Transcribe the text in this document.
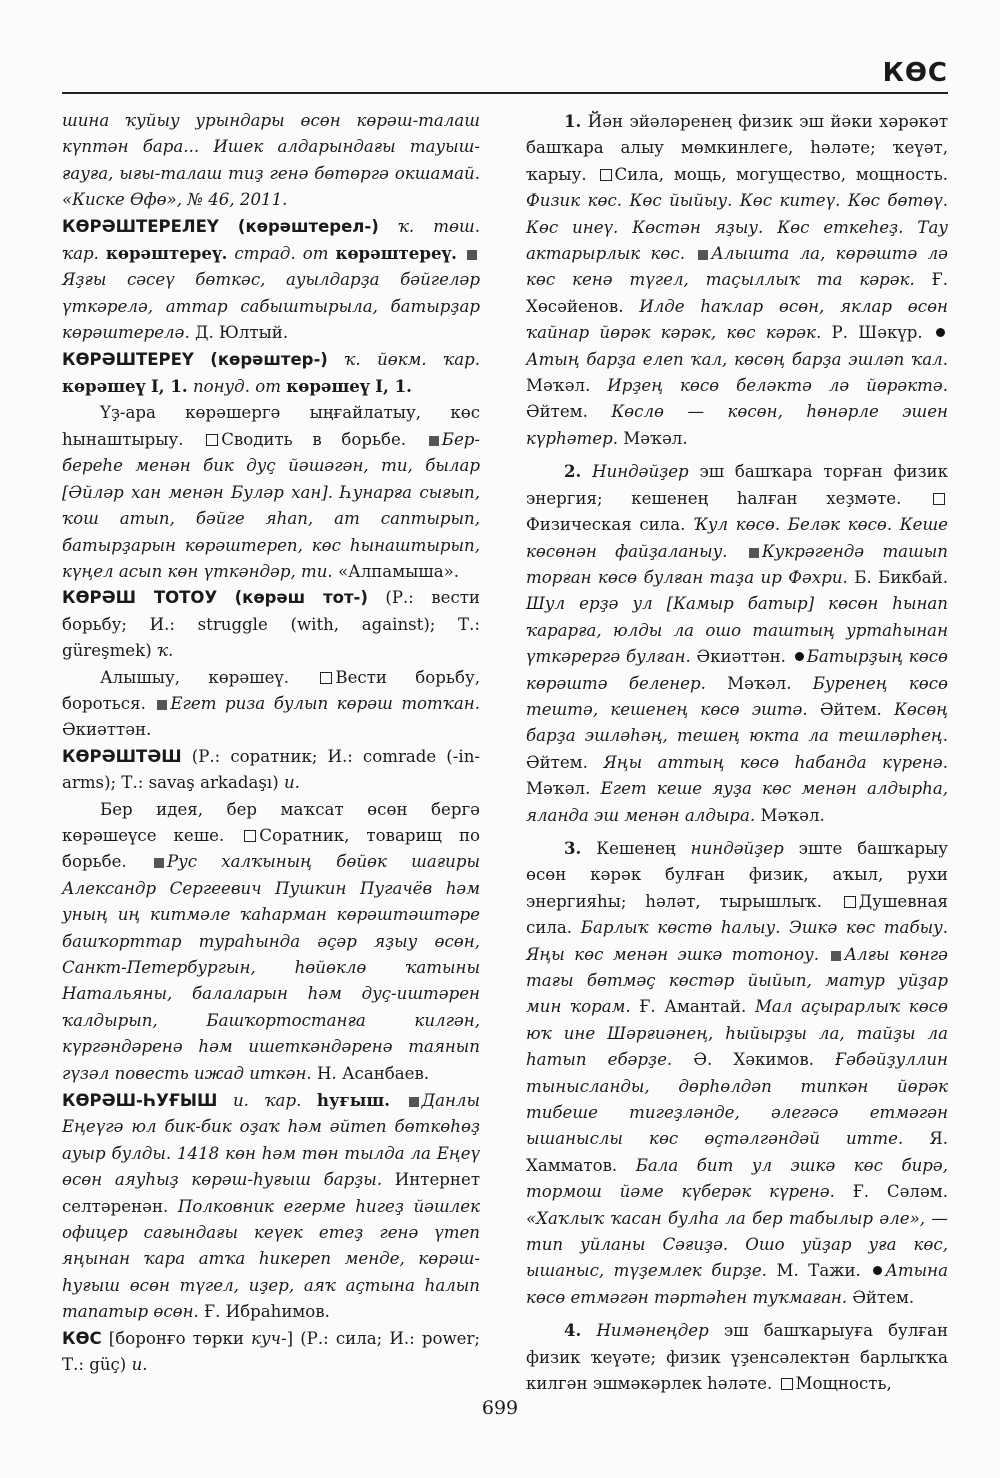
КӨС

шина ҡуйыу урындары өсөн көрәш-талаш күптән бара... Ишек алдарындағы тауыш-ғауға, ығы-талаш тиҙ генә бөтөргә окшамай. «Киске Өфө», № 46, 2011.

КӨРӘШТЕРЕЛЕҮ (көрәштерел-) ҡ. төш. ҡар. көрәштереү. страд. от көрәштереү. Яҙғы сәсеү бөткәс, ауылдарҙа бәйгеләр үткәрелә, аттар сабыштырыла, батырҙар көрәштерелә. Д. Юлтый.

КӨРӘШТЕРЕҮ (көрәштер-) ҡ. йөкм. ҡар. көрәшеү I, 1. понуд. от көрәшеү I, 1.

Үҙ-ара көрәшергә ыңғайлатыу, көс һынаштырыу. Сводить в борьбе. Бер-береһе менән бик дуҫ йәшәгән, ти, былар [Әйләр хан менән Буләр хан]. Һунарға сығып, ҡош атып, бәйге яһап, ат саптырып, батырҙарын көрәштереп, көс һынаштырып, күңел асып көн үткәндәр, ти. «Алпамыша».

КӨРӘШ ТОТОУ (көрәш тот-) (Р.: вести борьбу; И.: struggle (with, against); Т.: güreşmek) ҡ.

Алышыу, көрәшеү.	Вести борьбу, бороться. Егет риза булып көрәш тотҡан. Әкиәттән.

КӨРӘШТӘШ (Р.: соратник; И.: comrade (-in-arms); Т.: savaş arkadaşı) и.

Бер идея, бер маҡсат өсөн бергә көрәшеүсе кеше. Соратник, товарищ по борьбе. Рус халҡының бөйөк шағиры Александр Сергеевич Пушкин Пугачёв һәм уның иң китмәле ҡаһарман көрәштәштәре башҡорттар тураһында әҫәр яҙыу өсөн, Санкт-Петербургын, һөйөклө ҡатыны Натальяны, балаларын һәм дуҫ-иштәрен ҡалдырып, Башҡортостанға килгән, күргәндәренә һәм ишеткәндәренә таянып гүзәл повесть ижад иткән. Н. Асанбаев.

КӨРӘШ-ҺУҒЫШ и. ҡар. һуғыш. Данлы Еңеүгә юл бик-бик оҙаҡ һәм әйтеп бөткөһөҙ ауыр булды. 1418 көн һәм төн тылда ла Еңеү өсөн аяуһыҙ көрәш-һуғыш барҙы. Интернет селтәренән. Полковник егерме һигеҙ йәшлек офицер сағындағы кеүек етеҙ генә үтеп яңынан ҡара атҡа һикереп менде, көрәш-һуғыш өсөн түгел, иҙер, аяҡ аҫтына һалып тапатыр өсөн. Ғ. Ибраһимов.

КӨС [боронғо төрки куч-] (Р.: сила; И.: power; Т.: güç) и.

1. Йән эйәләренең физик эш йәки хәрәкәт башҡара алыу мөмкинлеге, һәләте; ҡеүәт, ҡарыу. Сила, мощь, могущество, мощность. Физик көс. Көс йыйыу. Көс китеү. Көс бөтөү. Көс инеү. Көстән яҙыу. Көс еткеһеҙ. Тау актарырлык көс. Алышта ла, көрәштә лә көс кенә түгел, таҫыллыҡ та кәрәк. Ғ. Хөсәйенов. Илде һаҡлар өсөн, яклар өсөн ҡайнар йөрәк кәрәк, көс кәрәк. Р. Шәкүр. Атың барҙа елеп ҡал, көсөң барҙа эшләп ҡал. Мәҡәл. Ирҙең көсө беләктә лә йөрәктә. Әйтем. Көслө — көсөн, һөнәрле эшен күрһәтер. Мәҡәл.

2. Ниндәйҙер эш башҡара торған физик энергия; кешенең һалған хеҙмәте. Физическая сила. Ҡул көсө. Беләк көсө. Кеше көсөнән файҙаланыу. Кукрәгендә ташып торған көсө булған таҙа ир Фәхри. Б. Бикбай. Шул ерҙә ул [Камыр батыр] көсөн һынап ҡарарға, юлды ла ошо таштың уртаһынан үткәрергә булған. Әкиәттән. Батырҙың көсө көрәштә беленер. Мәҡәл. Буренең көсө тештә, кешенең көсө эштә. Әйтем. Көсөң барҙа эшләһәң, тешең юкта ла тешләрһең. Әйтем. Яңы аттың көсө һабанда күренә. Мәҡәл. Егет кеше яуҙа көс менән алдырһа, яланда эш менән алдыра. Мәҡәл.

3. Кешенең ниндәйҙер эште башҡарыу өсөн кәрәк булған физик, аҡыл, рухи энергияһы; һәләт, тырышлыҡ. Душевная сила. Барлыҡ көстө һалыу. Эшкә көс табыу. Яңы көс менән эшкә тотоноу. Алғы көнгә тағы бөтмәҫ көстәр йыйып, матур уйҙар мин ҡорам. Ғ. Амантай. Мал аҫырарлыҡ көсө юҡ ине Шәрғиәнең, һыйырҙы ла, тайҙы ла һатып ебәрҙе. Ә. Хәкимов. Ғәбәйҙуллин тынысланды, дөрһөлдәп типкән йөрәк тибеше тигеҙләнде, әлегәсә етмәгән ышаныслы көс өҫтәлгәндәй итте. Я. Хамматов. Бала бит ул эшкә көс бирә, тормош йәме күберәк күренә. Ғ. Сәләм. «Хаҡлыҡ ҡасан булһа ла бер табылыр әле», — тип уйланы Сәғиҙә. Ошо уйҙар уға көс, ышаныс, түҙемлек бирҙе. М. Тажи. Атына көсө етмәгән тәртәһен туҡмаған. Әйтем.

4. Нимәнеңдер эш башҡарыуға булған физик ҡеүәте; физик үҙенсәлектән барлыҡҡа килгән эшмәкәрлек һәләте. Мощность,

699
